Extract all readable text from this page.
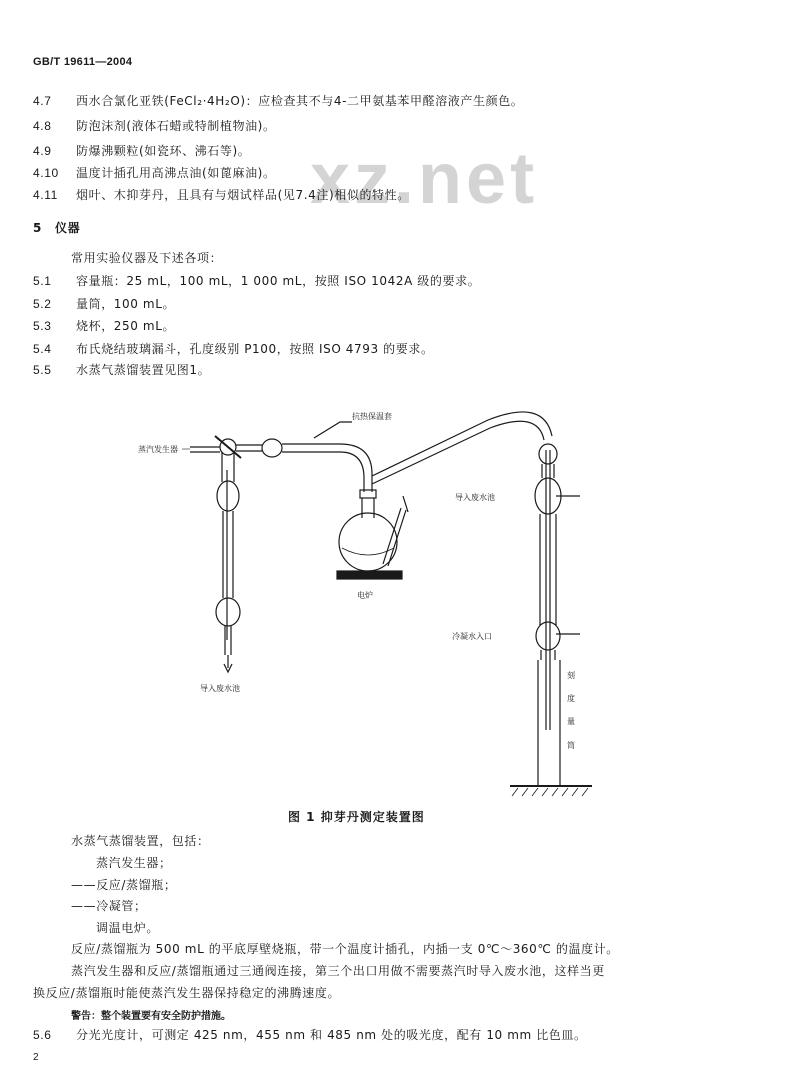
GB/T 19611—2004
xz.net
4.7 西水合氯化亚铁(FeCl₂·4H₂O)：应检查其不与4-二甲氨基苯甲醛溶液产生颜色。
4.8 防泡沫剂(液体石蜡或特制植物油)。
4.9 防爆沸颗粒(如瓷环、沸石等)。
4.10 温度计插孔用高沸点油(如蓖麻油)。
4.11 烟叶、木抑芽丹，且具有与烟试样品(见7.4注)相似的特性。
5 仪器
常用实验仪器及下述各项：
5.1 容量瓶：25 mL，100 mL，1 000 mL，按照 ISO 1042A 级的要求。
5.2 量筒，100 mL。
5.3 烧杯，250 mL。
5.4 布氏烧结玻璃漏斗，孔度级别 P100，按照 ISO 4793 的要求。
5.5 水蒸气蒸馏装置见图1。
抗热保温套
蒸汽发生器
导入废水池
电炉
导入废水池
冷凝水入口
刻
度
量
筒
图 1 抑芽丹测定装置图
水蒸气蒸馏装置，包括：
蒸汽发生器；
——反应/蒸馏瓶；
——冷凝管；
调温电炉。
反应/蒸馏瓶为 500 mL 的平底厚壁烧瓶，带一个温度计插孔，内插一支 0℃～360℃ 的温度计。
蒸汽发生器和反应/蒸馏瓶通过三通阀连接，第三个出口用做不需要蒸汽时导入废水池，这样当更
换反应/蒸馏瓶时能使蒸汽发生器保持稳定的沸腾速度。
警告：整个装置要有安全防护措施。
5.6 分光光度计，可测定 425 nm，455 nm 和 485 nm 处的吸光度，配有 10 mm 比色皿。
2
